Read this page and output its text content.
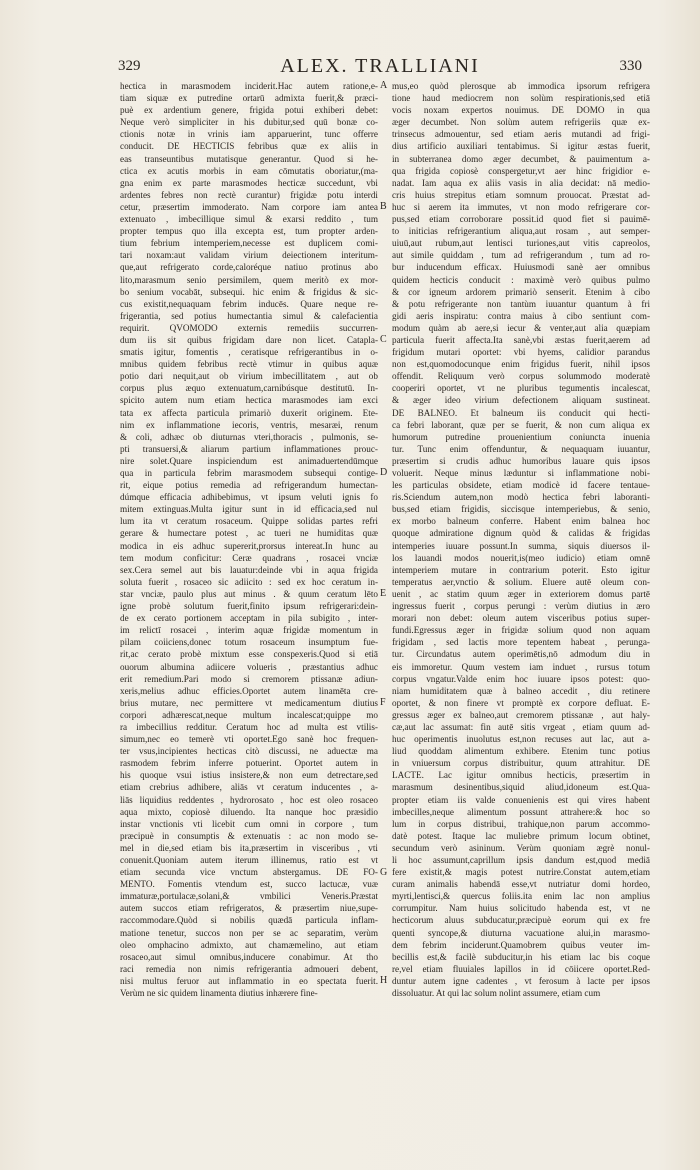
329	ALEX. TRALLIANI	330
hectica in marasmodem inciderit.Hac autem ratione,e-
tiam siquæ ex putredine ortarū admixta fuerit,& præci-
puè ex ardentium genere, frigida potui exhiberi debet:
Neque verò simpliciter in his dubitur,sed quū bonæ co-
ctionis notæ in vrinis iam apparuerint, tunc offerre
conducit. DE HECTICIS febribus quæ ex aliis in
eas transeuntibus mutatisque generantur. Quod si he-
ctica ex acutis morbis in eam cōmutatis oboriatur,(ma-
gna enim ex parte marasmodes hecticæ succedunt, vbi
ardentes febres non rectè curantur) frigidæ potu interdi
cetur, præsertim immoderato. Nam corpore iam antea
extenuato , imbecillique simul & exarsi reddito , tum
propter tempus quo illa excepta est, tum propter arden-
tium febrium intemperiem,necesse est duplicem comi-
tari noxam:aut validam virium deiectionem interitum-
que,aut refrigerato corde,caloréque natiuo protinus abo
lito,marasmum senio persimilem, quem meritò ex mor-
bo senium vocabāt, subsequi. hic enim & frigidus & sic-
cus existit,nequaquam febrim inducēs. Quare neque re-
frigerantia, sed potius humectantia simul & calefacientia
requirit. QVOMODO externis remediis succurren-
dum iis sit quibus frigidam dare non licet. Catapla-
smatis igitur, fomentis , ceratisque refrigerantibus in o-
mnibus quidem febribus rectè vtimur in quibus aquæ
potio dari nequit,aut ob virium imbecillitatem , aut ob
corpus plus æquo extenuatum,carnibúsque destitutū. In-
spicito autem num etiam hectica marasmodes iam exci
tata ex affecta particula primariò duxerit originem. Ete-
nim ex inflammatione iecoris, ventris, mesaræi, renum
& coli, adhæc ob diuturnas vteri,thoracis , pulmonis, se-
pti transuersi,& aliarum partium inflammationes prouc-
nire solet.Quare inspiciendum est animaduertendūmque
qua in particula febrim marasmodem subsequi contige-
rit, eique potius remedia ad refrigerandum humectan-
dúmque efficacia adhibebimus, vt ipsum veluti ignis fo
mitem extinguas.Multa igitur sunt in id efficacia,sed nul
lum ita vt ceratum rosaceum. Quippe solidas partes refri
gerare & humectare potest , ac tueri ne humiditas quæ
modica in eis adhuc supererit,prorsus intereat.In hunc au
tem modum conficitur: Ceræ quadrans , rosacei vnciæ
sex.Cera semel aut bis lauatur:deinde vbi in aqua frigida
soluta fuerit , rosaceo sic adiicito : sed ex hoc ceratum in-
star vnciæ, paulo plus aut minus . & quum ceratum lēto
igne probè solutum fuerit,finito ipsum refrigerari:dein-
de ex cerato portionem acceptam in pila subigito , inter-
im relictī rosacei , interim aquæ frigidæ momentum in
pilam coiiciens,donec totum rosaceum insumptum fue-
rit,ac cerato probè mixtum esse conspexeris.Quod si etiā
ouorum albumina adiicere volueris , præstantius adhuc
erit remedium.Pari modo si cremorem ptissanæ adiun-
xeris,melius adhuc efficies.Oportet autem linamēta cre-
brius mutare, nec permittere vt medicamentum diutius
corpori adhærescat,neque multum incalescat;quippe mo
ra imbecillius redditur. Ceratum hoc ad multa est vtilis-
simum,nec eo temerè vti oportet.Ego sanè hoc frequen-
ter vsus,incipientes hecticas citò discussi, ne aduectæ ma
rasmodem febrim inferre potuerint. Oportet autem in
his quoque vsui istius insistere,& non eum detrectare,sed
etiam crebrius adhibere, aliās vt ceratum inducentes , a-
liās liquidius reddentes , hydrorosato , hoc est oleo rosaceo
aqua mixto, copiosè diluendo. Ita nanque hoc præsidio
instar vnctionis vti licebit cum omni in corpore , tum
præcipuè in consumptis & extenuatis : ac non modo se-
mel in die,sed etiam bis ita,præsertim in visceribus , vti
conuenit.Quoniam autem iterum illinemus, ratio est vt
etiam secunda vice vnctum abstergamus. DE FO-
MENTO. Fomentis vtendum est, succo lactucæ, vuæ
immaturæ,portulacæ,solani,& vmbilici Veneris.Præstat
autem succos etiam refrigeratos, & præsertim niue,supe-
raccommodare.Quòd si nobilis quædā particula inflam-
matione tenetur, succos non per se ac separatim, verùm
oleo omphacino admixto, aut chamæmelino, aut etiam
rosaceo,aut simul omnibus,inducere conabimur. At tho
raci remedia non nimis refrigerantia admoueri debent,
nisi multus feruor aut inflammatio in eo spectata fuerit.
Verùm ne sic quidem linamenta diutius inhærere fine-
A
B
C
D
E
F
G
H
mus,eo quòd plerosque ab immodica ipsorum refrigera
tione haud mediocrem non solùm respirationis,sed etiā
vocis noxam expertos nouimus. DE DOMO in qua
æger decumbet. Non solùm autem refrigeriis quæ ex-
trinsecus admouentur, sed etiam aeris mutandi ad frigi-
dius artificio auxiliari tentabimus. Si igitur æstas fuerit,
in subterranea domo æger decumbet, & pauimentum a-
qua frigida copiosè conspergetur,vt aer hinc frigidior e-
nadat. Iam aqua ex aliis vasis in alia decidat: nā medio-
cris huius strepitus etiam somnum prouocat. Præstat ad-
huc si aerem ita immutes, vt non modo refrigerare cor-
pus,sed etiam corroborare possit.id quod fiet si pauimē-
to initicias refrigerantium aliqua,aut rosam , aut semper-
uiuū,aut rubum,aut lentisci turiones,aut vitis capreolos,
aut simile quiddam , tum ad refrigerandum , tum ad ro-
bur inducendum efficax. Huiusmodi sanè aer omnibus
quidem hecticis conducit : maximè verò quibus pulmo
& cor igneum ardorem primariò senserit. Etenim à cibo
& potu refrigerante non tantùm iuuantur quantum à fri
gidi aeris inspiratu: contra maius à cibo sentiunt com-
modum quàm ab aere,si iecur & venter,aut alia quæpiam
particula fuerit affecta.Ita sanè,vbi æstas fuerit,aerem ad
frigidum mutari oportet: vbi hyems, calidior parandus
non est,quomodocunque enim frigidus fuerit, nihil ipsos
offendit. Reliquum verò corpus solummodo moderatè
cooperiri oportet, vt ne pluribus tegumentis incalescat,
& æger ideo virium defectionem aliquam sustineat.
DE BALNEO. Et balneum iis conducit qui hecti-
ca febri laborant, quæ per se fuerit, & non cum aliqua ex
humorum putredine prouenientium coniuncta inuenia
tur. Tunc enim offenduntur, & nequaquam iuuantur,
præsertim si crudis adhuc humoribus lauare quis ipsos
voluerit. Neque minus læduntur si inflammatione nobi-
les particulas obsidete, etiam modicè id facere tentaue-
ris.Sciendum autem,non modò hectica febri laboranti-
bus,sed etiam frigidis, siccisque intemperiebus, & senio,
ex morbo balneum conferre. Habent enim balnea hoc
quoque admiratione dignum quòd & calidas & frigidas
intemperies iuuare possunt.In summa, siquis diuersos il-
los lauandi modos nouerit,is(meo iudicio) etiam omnē
intemperiem mutare in contrarium poterit. Esto igitur
temperatus aer,vnctio & solium. Eluere autē oleum con-
uenit , ac statim quum æger in exteriorem domus partē
ingressus fuerit , corpus perungi : verùm diutius in æro
morari non debet: oleum autem visceribus potius super-
fundi.Egressus æger in frigidæ solium quod non aquam
frigidam , sed lactis more tepentem habeat , perunga-
tur. Circundatus autem operimētis,nō admodum diu in
eis immoretur. Quum vestem iam induet , rursus totum
corpus vngatur.Valde enim hoc iuuare ipsos potest: quo-
niam humiditatem quæ à balneo accedit , diu retinere
oportet, & non finere vt promptè ex corpore defluat. E-
gressus æger ex balneo,aut cremorem ptissanæ , aut haly-
cæ,aut lac assumat: fin autē sitis vrgeat , etiam quum ad-
huc operimentis inuolutus est,non recuses aut lac, aut a-
liud quoddam alimentum exhibere. Etenim tunc potius
in vniuersum corpus distribuitur, quum attrahitur. DE
LACTE. Lac igitur omnibus hecticis, præsertim in
marasmum desinentibus,siquid aliud,idoneum est.Qua-
propter etiam iis valde conuenienis est qui vires habent
imbecilles,neque alimentum possunt attrahere:& hoc so
lum in corpus distribui, trahique,non parum accommo-
datè potest. Itaque lac muliebre primum locum obtinet,
secundum verò asininum. Verùm quoniam ægrè nonul-
li hoc assumunt,caprillum ipsis dandum est,quod mediā
fere existit,& magis potest nutrire.Constat autem,etiam
curam animalis habendā esse,vt nutriatur domi hordeo,
myrti,lentisci,& quercus foliis.ita enim lac non amplius
corrumpitur. Nam huius solicitudo habenda est, vt ne
hecticorum aluus subducatur,præcipuè eorum qui ex fre
quenti syncope,& diuturna vacuatione alui,in marasmo-
dem febrim inciderunt.Quamobrem quibus veuter im-
becillis est,& facilè subducitur,in his etiam lac bis coque
re,vel etiam fluuiales lapillos in id cōiicere oportet.Red-
duntur autem igne cadentes , vt ferosum à lacte per ipsos
dissoluatur. At qui lac solum nolint assumere, etiam cum
